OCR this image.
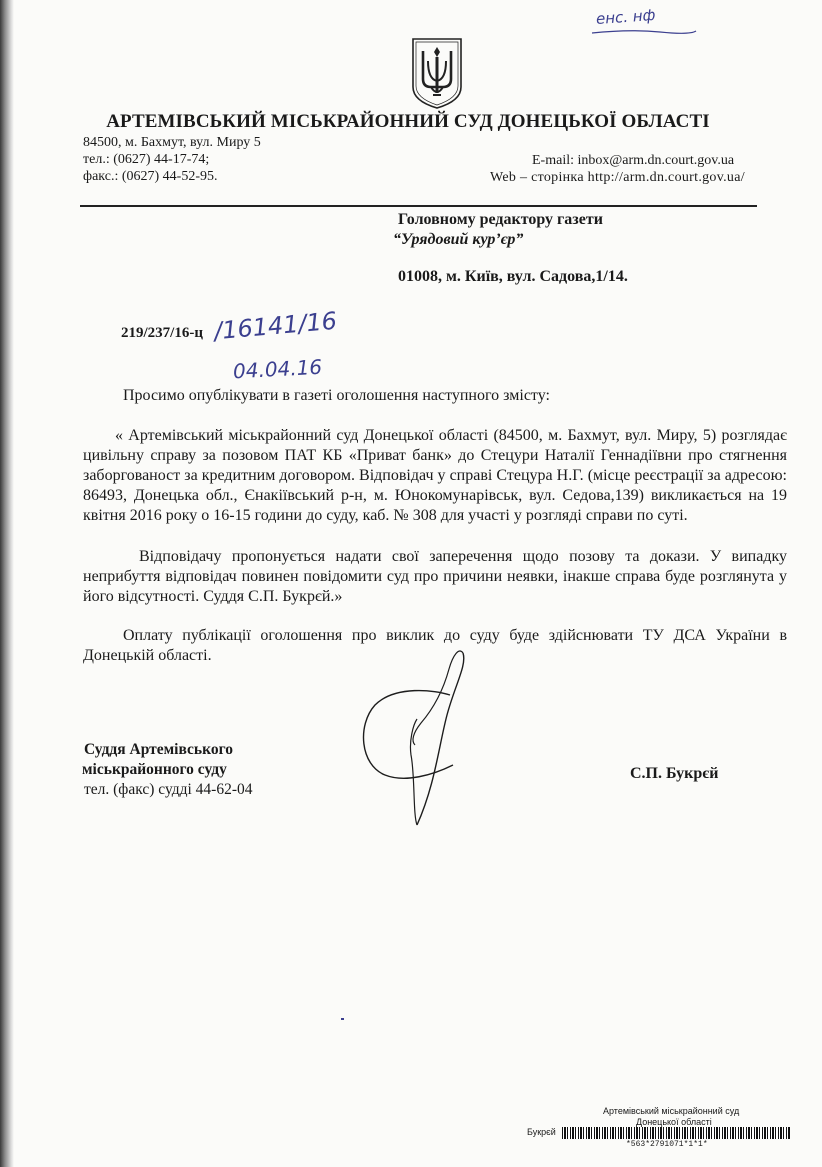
енс. нф
АРТЕМІВСЬКИЙ МІСЬКРАЙОННИЙ СУД ДОНЕЦЬКОЇ ОБЛАСТІ
84500, м. Бахмут, вул. Миру 5
тел.: (0627) 44-17-74;
факс.: (0627) 44-52-95.
E-mail: inbox@arm.dn.court.gov.ua
Web – сторінка http://arm.dn.court.gov.ua/
Головному редактору газети
“Урядовий кур’єр”
01008, м. Київ, вул. Садова,1/14.
219/237/16-ц /16141/16
04.04.16
Просимо опублікувати в газеті оголошення наступного змісту:
« Артемівський міськрайонний суд Донецької області (84500, м. Бахмут, вул. Миру, 5) розглядає цивільну справу за позовом ПАТ КБ «Приват банк» до Стецури Наталії Геннадіївни про стягнення заборгованост за кредитним договором. Відповідач у справі Стецура Н.Г. (місце реєстрації за адресою: 86493, Донецька обл., Єнакіївський р-н, м. Юнокомунарівськ, вул. Седова,139) викликається на 19 квітня 2016 року о 16-15 години до суду, каб. № 308 для участі у розгляді справи по суті.
Відповідачу пропонується надати свої заперечення щодо позову та докази. У випадку неприбуття відповідач повинен повідомити суд про причини неявки, інакше справа буде розглянута у його відсутності. Суддя С.П. Букрєй.»
Оплату публікації оголошення про виклик до суду буде здійснювати ТУ ДСА України в Донецькій області.
Суддя Артемівського
міськрайонного суду
тел. (факс) судді 44-62-04
С.П. Букрєй
Артемівський міськрайонний суд
Донецької області
Букрєй
*563*2791071*1*1*
